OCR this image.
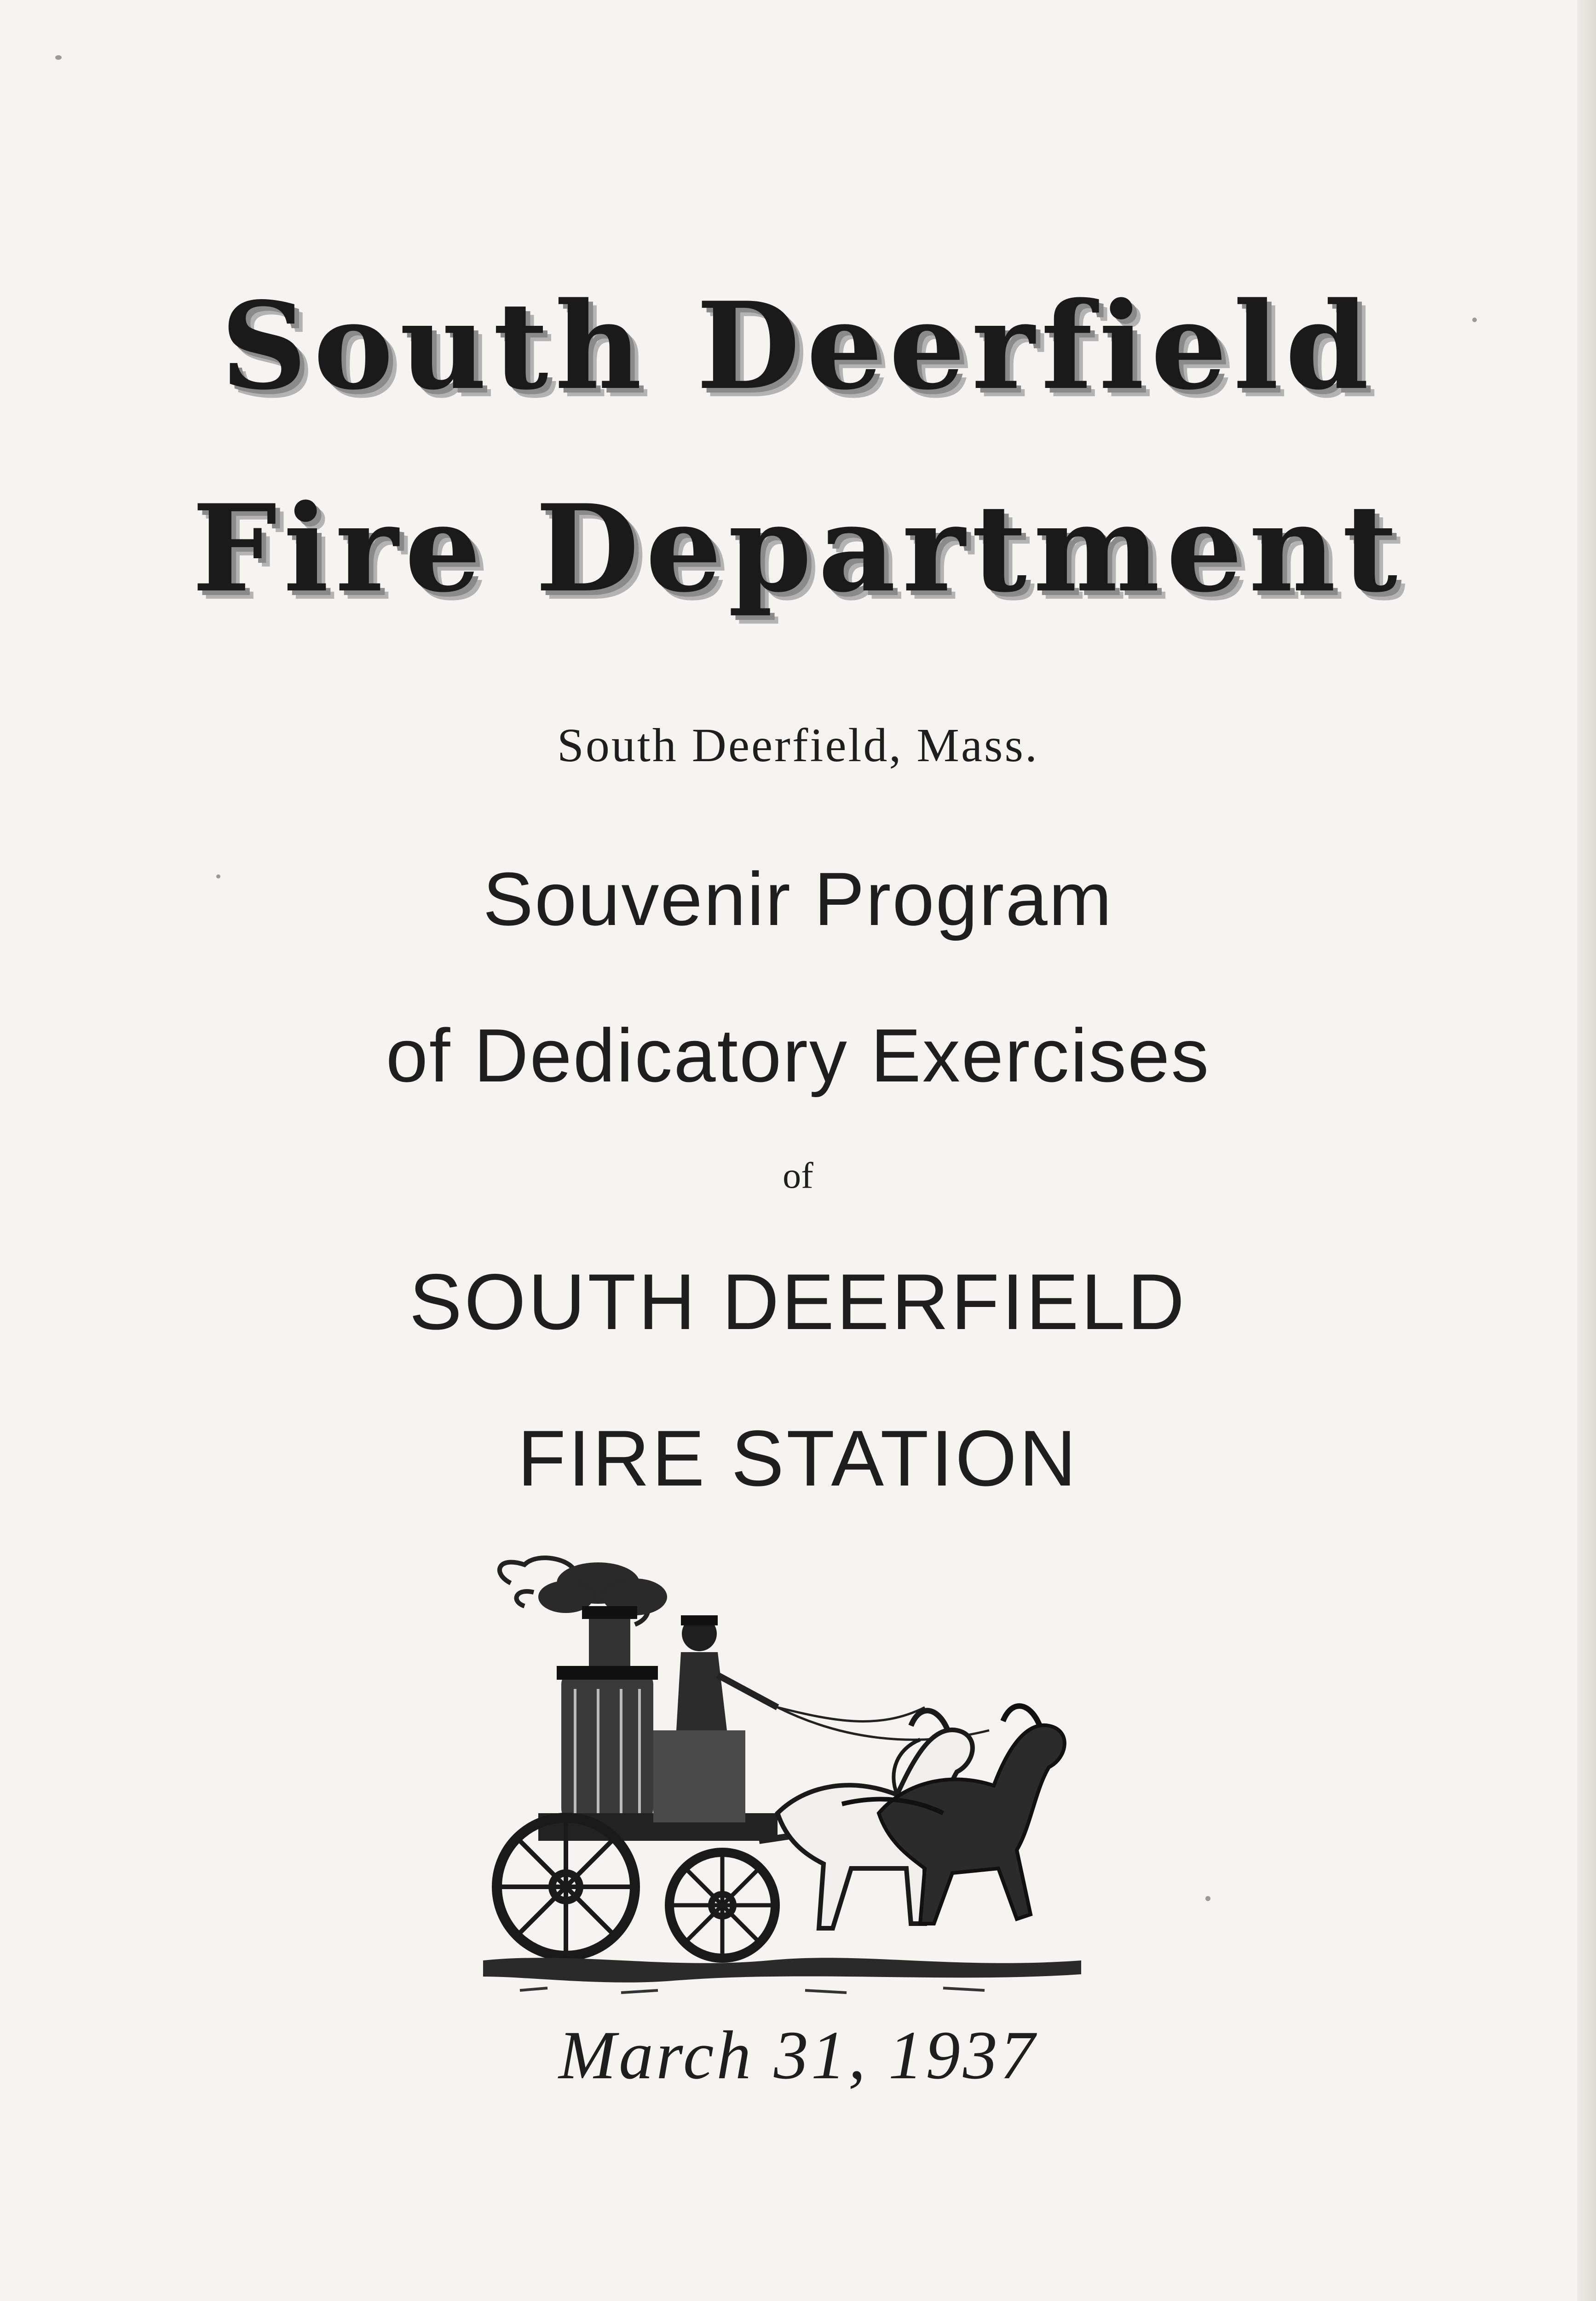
South Deerfield
Fire Department
South Deerfield, Mass.
Souvenir Program
of Dedicatory Exercises
of
SOUTH DEERFIELD
FIRE STATION
March 31, 1937
